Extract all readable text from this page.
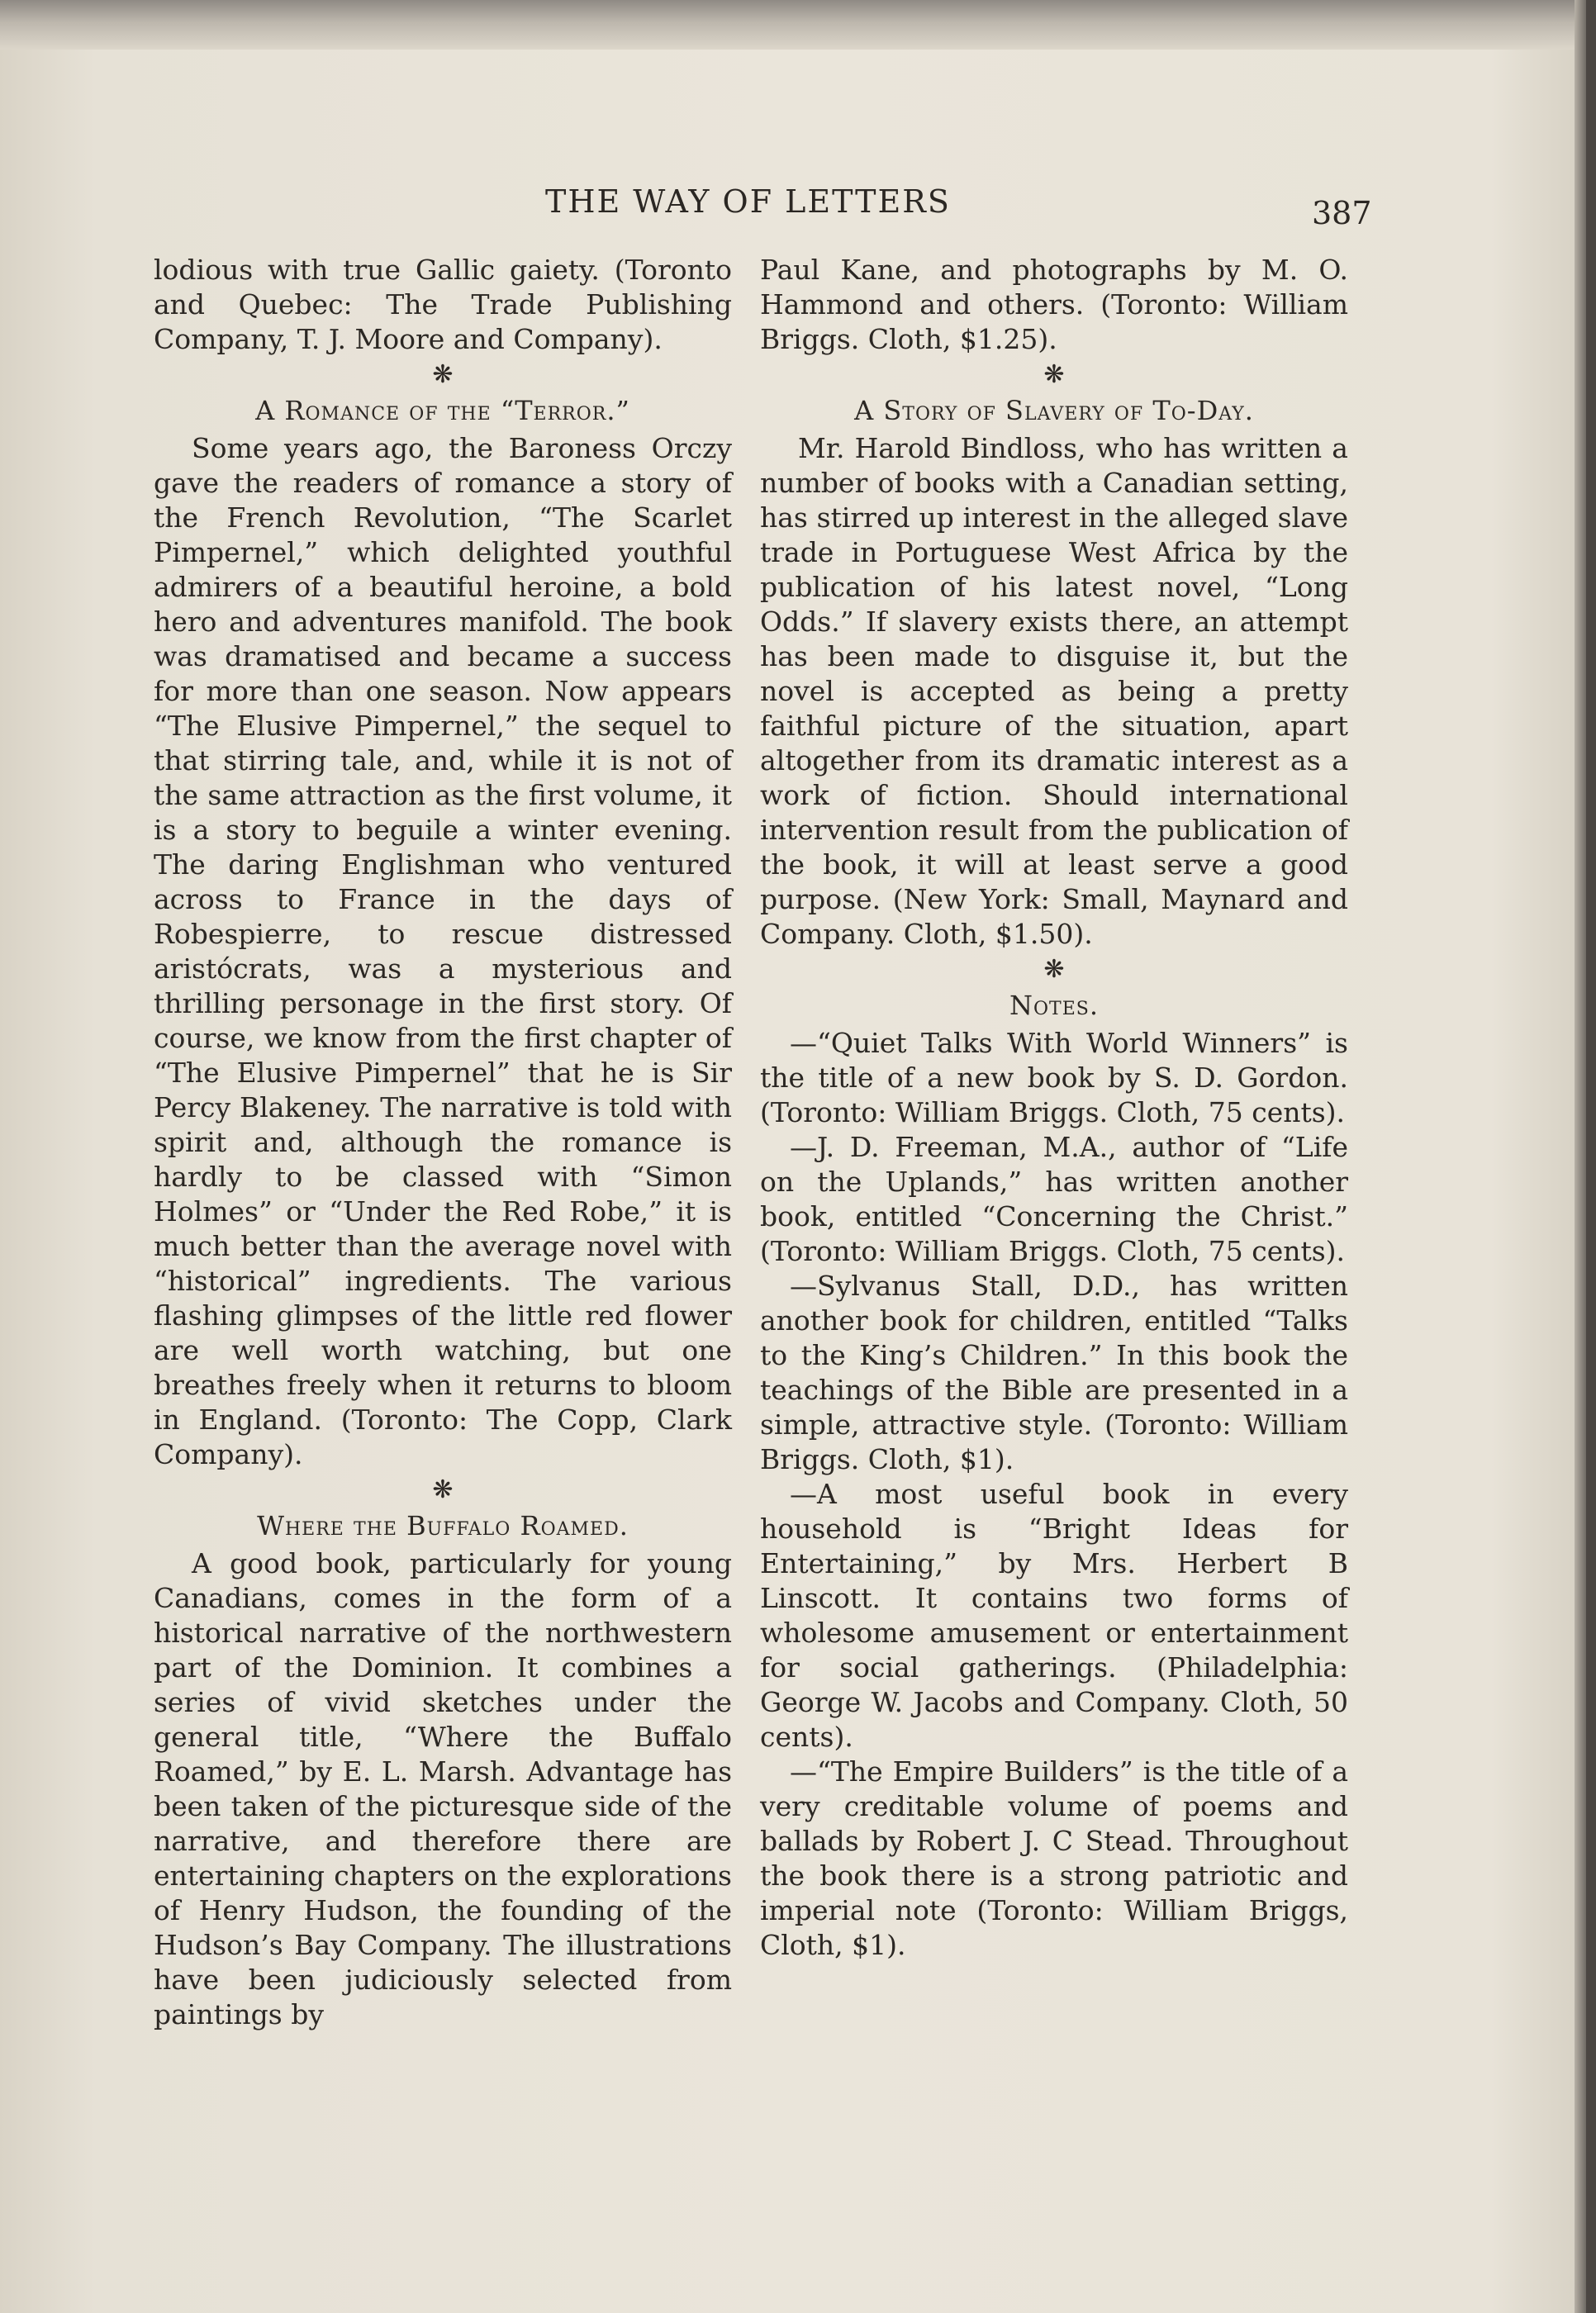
THE WAY OF LETTERS	387

lodious with true Gallic gaiety. (Toronto and Quebec: The Trade Publishing Company, T. J. Moore and Company).

❋
A Romance of the “Terror.”

Some years ago, the Baroness Orczy gave the readers of romance a story of the French Revolution, “The Scarlet Pimpernel,” which delighted youthful admirers of a beautiful heroine, a bold hero and adventures manifold. The book was dramatised and became a success for more than one season. Now appears “The Elusive Pimpernel,” the sequel to that stirring tale, and, while it is not of the same attraction as the first volume, it is a story to beguile a winter evening. The daring Englishman who ventured across to France in the days of Robespierre, to rescue distressed aristócrats, was a mysterious and thrilling personage in the first story. Of course, we know from the first chapter of “The Elusive Pimpernel” that he is Sir Percy Blakeney. The narrative is told with spirit and, although the romance is hardly to be classed with “Simon Holmes” or “Under the Red Robe,” it is much better than the average novel with “historical” ingredients. The various flashing glimpses of the little red flower are well worth watching, but one breathes freely when it returns to bloom in England. (Toronto: The Copp, Clark Company).

❋
Where the Buffalo Roamed.

A good book, particularly for young Canadians, comes in the form of a historical narrative of the northwestern part of the Dominion. It combines a series of vivid sketches under the general title, “Where the Buffalo Roamed,” by E. L. Marsh. Advantage has been taken of the picturesque side of the narrative, and therefore there are entertaining chapters on the explorations of Henry Hudson, the founding of the Hudson’s Bay Company. The illustrations have been judiciously selected from paintings by

Paul Kane, and photographs by M. O. Hammond and others. (Toronto: William Briggs. Cloth, $1.25).

❋
A Story of Slavery of To-Day.

Mr. Harold Bindloss, who has written a number of books with a Canadian setting, has stirred up interest in the alleged slave trade in Portuguese West Africa by the publication of his latest novel, “Long Odds.” If slavery exists there, an attempt has been made to disguise it, but the novel is accepted as being a pretty faithful picture of the situation, apart altogether from its dramatic interest as a work of fiction. Should international intervention result from the publication of the book, it will at least serve a good purpose. (New York: Small, Maynard and Company. Cloth, $1.50).

❋
Notes.

—“Quiet Talks With World Winners” is the title of a new book by S. D. Gordon. (Toronto: William Briggs. Cloth, 75 cents).

—J. D. Freeman, M.A., author of “Life on the Uplands,” has written another book, entitled “Concerning the Christ.” (Toronto: William Briggs. Cloth, 75 cents).

—Sylvanus Stall, D.D., has written another book for children, entitled “Talks to the King’s Children.” In this book the teachings of the Bible are presented in a simple, attractive style. (Toronto: William Briggs. Cloth, $1).

—A most useful book in every household is “Bright Ideas for Entertaining,” by Mrs. Herbert B Linscott. It contains two forms of wholesome amusement or entertainment for social gatherings. (Philadelphia: George W. Jacobs and Company. Cloth, 50 cents).

—“The Empire Builders” is the title of a very creditable volume of poems and ballads by Robert J. C Stead. Throughout the book there is a strong patriotic and imperial note (Toronto: William Briggs, Cloth, $1).
